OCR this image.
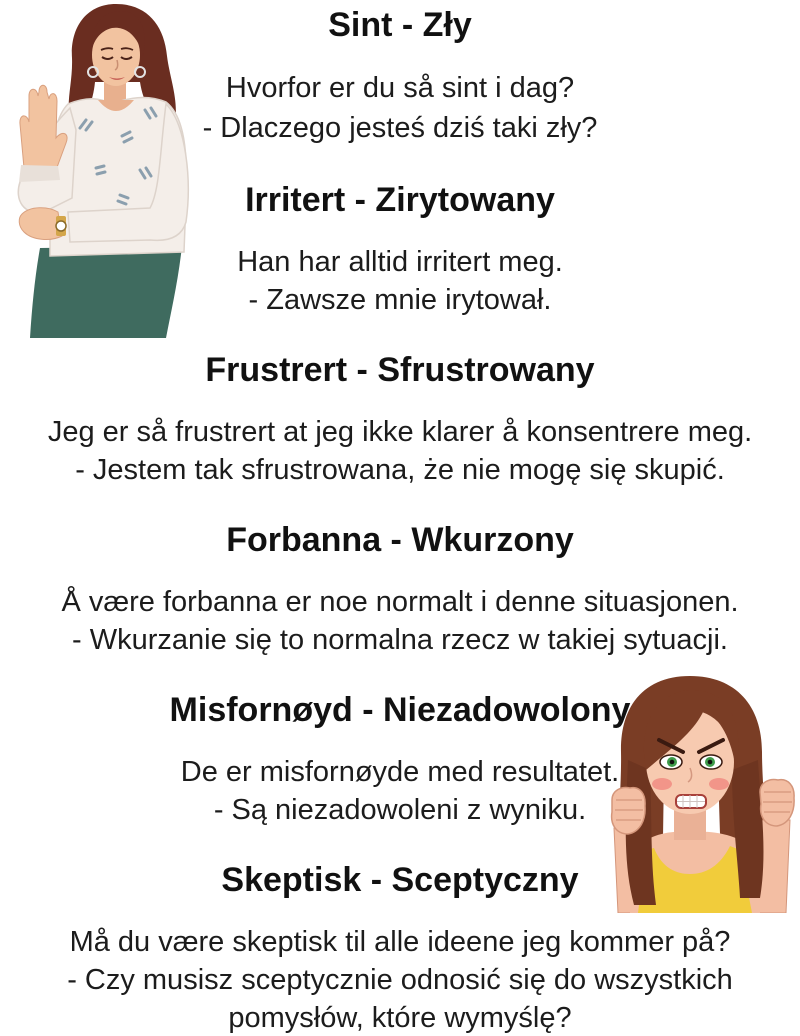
Sint - Zły
Hvorfor er du så sint i dag?
- Dlaczego jesteś dziś taki zły?
Irritert - Zirytowany
Han har alltid irritert meg.
- Zawsze mnie irytował.
Frustrert - Sfrustrowany
Jeg er så frustrert at jeg ikke klarer å konsentrere meg.
- Jestem tak sfrustrowana, że nie mogę się skupić.
Forbanna - Wkurzony
Å være forbanna er noe normalt i denne situasjonen.
- Wkurzanie się to normalna rzecz w takiej sytuacji.
Misfornøyd - Niezadowolony
De er misfornøyde med resultatet.
- Są niezadowoleni z wyniku.
Skeptisk - Sceptyczny
Må du være skeptisk til alle ideene jeg kommer på?
- Czy musisz sceptycznie odnosić się do wszystkich
pomysłów, które wymyślę?
